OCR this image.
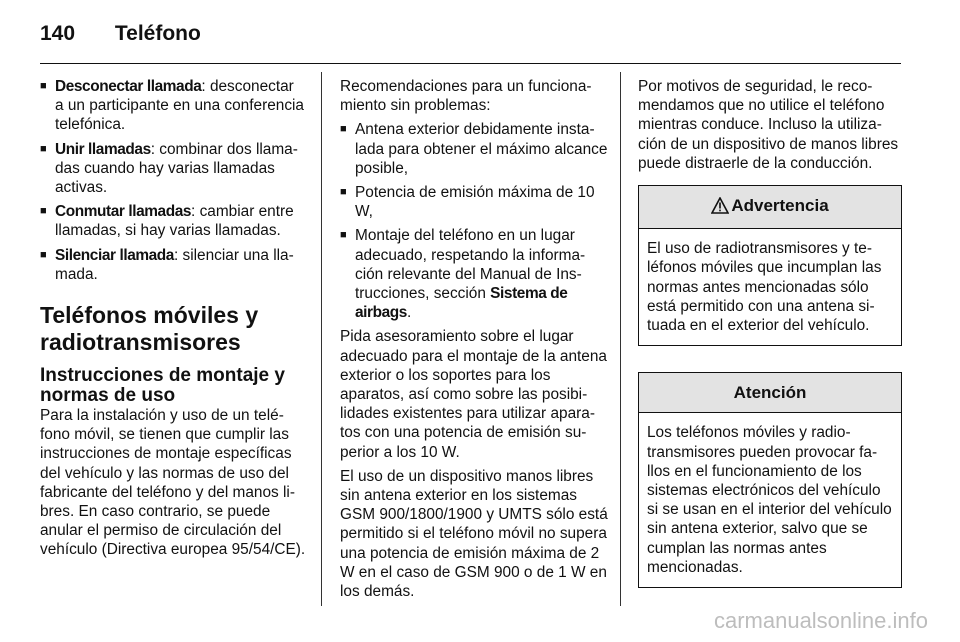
140 Teléfono
■ Desconectar llamada: desconectar a un participante en una conferencia telefónica.
■ Unir llamadas: combinar dos llamadas cuando hay varias llamadas activas.
■ Conmutar llamadas: cambiar entre llamadas, si hay varias llamadas.
■ Silenciar llamada: silenciar una llamada.
Teléfonos móviles y radiotransmisores
Instrucciones de montaje y normas de uso

Para la instalación y uso de un teléfono móvil, se tienen que cumplir las instrucciones de montaje específicas del vehículo y las normas de uso del fabricante del teléfono y del manos libres. En caso contrario, se puede anular el permiso de circulación del vehículo (Directiva europea 95/54/CE).

Recomendaciones para un funcionamiento sin problemas:

■ Antena exterior debidamente instalada para obtener el máximo alcance posible,
■ Potencia de emisión máxima de 10 W,
■ Montaje del teléfono en un lugar adecuado, respetando la información relevante del Manual de Instrucciones, sección Sistema de airbags.

Pida asesoramiento sobre el lugar adecuado para el montaje de la antena exterior o los soportes para los aparatos, así como sobre las posibilidades existentes para utilizar aparatos con una potencia de emisión superior a los 10 W.

El uso de un dispositivo manos libres sin antena exterior en los sistemas GSM 900/1800/1900 y UMTS sólo está permitido si el teléfono móvil no supera una potencia de emisión máxima de 2 W en el caso de GSM 900 o de 1 W en los demás.

Por motivos de seguridad, le recomendamos que no utilice el teléfono mientras conduce. Incluso la utilización de un dispositivo de manos libres puede distraerle de la conducción.

Advertencia
El uso de radiotransmisores y teléfonos móviles que incumplan las normas antes mencionadas sólo está permitido con una antena situada en el exterior del vehículo.
Atención
Los teléfonos móviles y radiotransmisores pueden provocar fallos en el funcionamiento de los sistemas electrónicos del vehículo si se usan en el interior del vehículo sin antena exterior, salvo que se cumplan las normas antes mencionadas.
carmanualsonline.info
